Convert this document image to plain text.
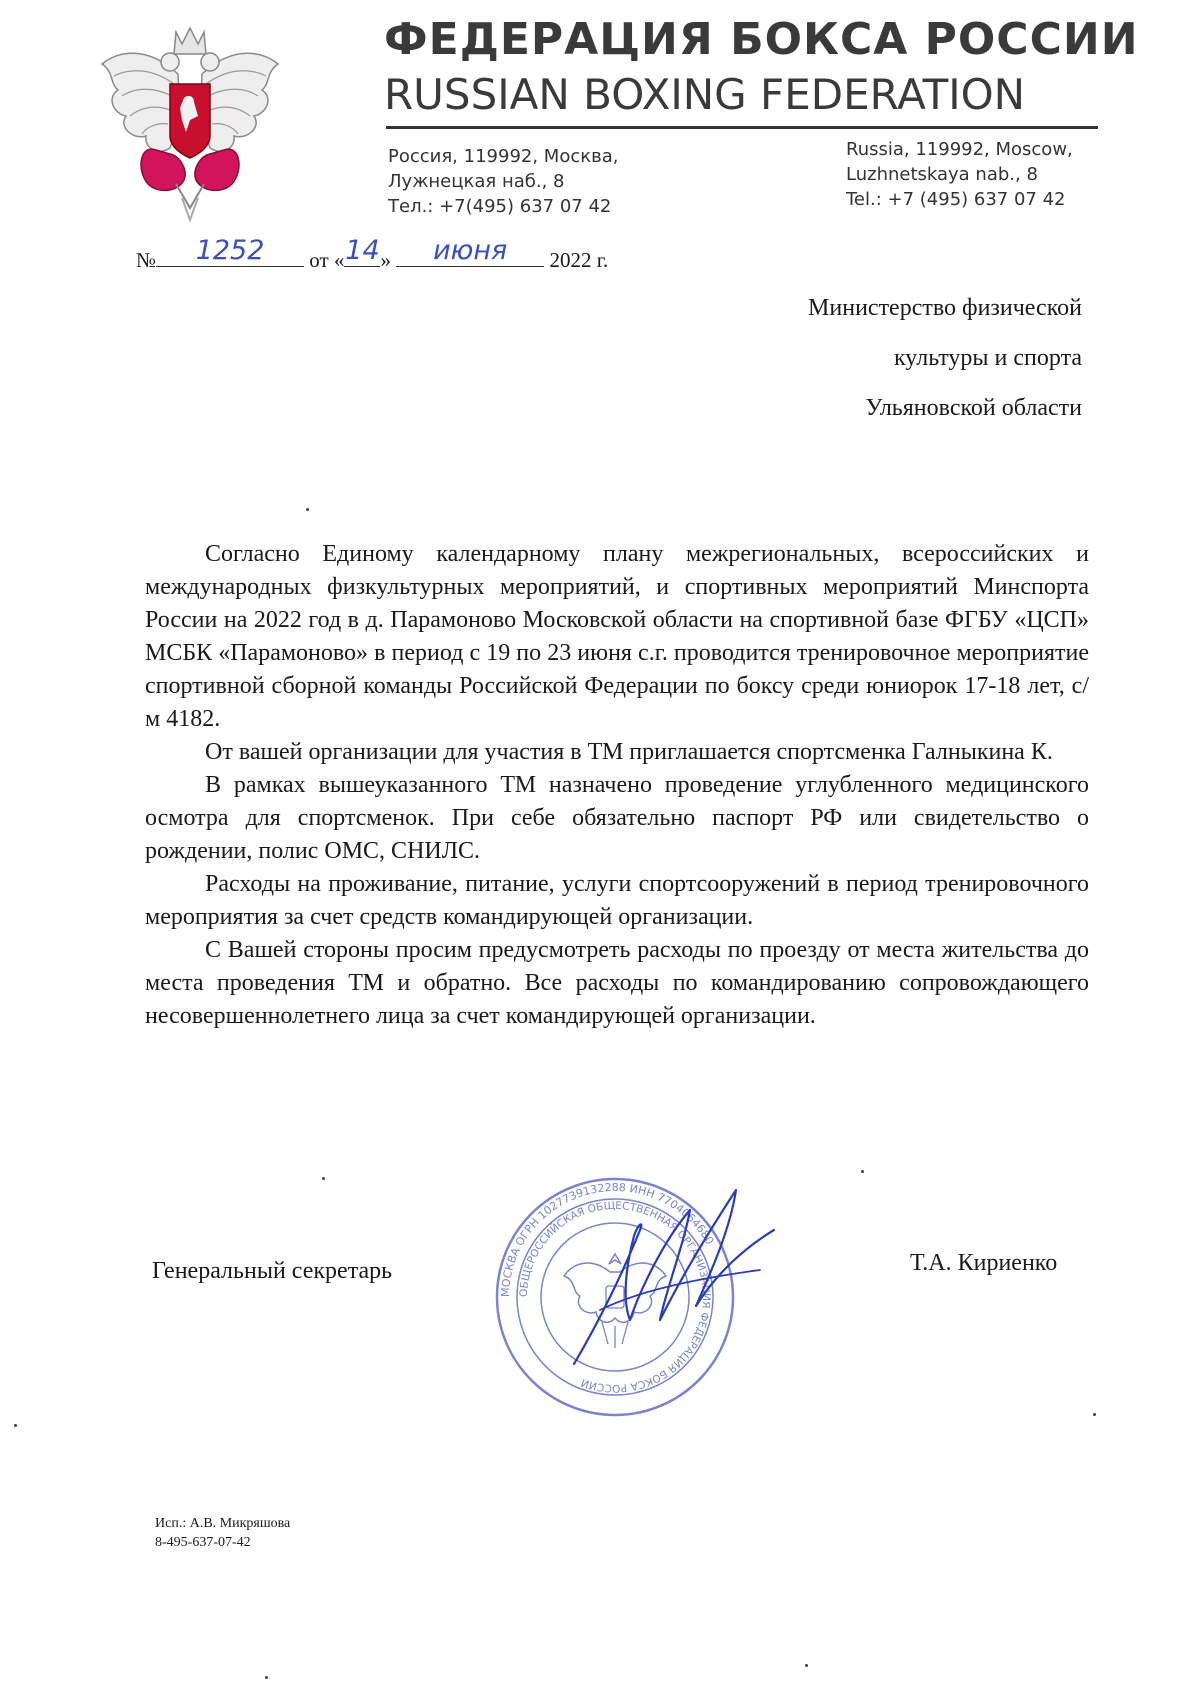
ФЕДЕРАЦИЯ БОКСА РОССИИ
RUSSIAN BOXING FEDERATION
Россия, 119992, Москва,
Лужнецкая наб., 8
Тел.: +7(495) 637 07 42
Russia, 119992, Moscow,
Luzhnetskaya nab., 8
Tel.: +7 (495) 637 07 42
№	1252	от « 14 »	июня	2022 г.
Министерство физической
культуры и спорта
Ульяновской области

Согласно Единому календарному плану межрегиональных, всероссийских и международных физкультурных мероприятий, и спортивных мероприятий Минспорта России на 2022 год в д. Парамоново Московской области на спортивной базе ФГБУ «ЦСП» МСБК «Парамоново» в период с 19 по 23 июня с.г. проводится тренировочное мероприятие спортивной сборной команды Российской Федерации по боксу среди юниорок 17-18 лет, с/м 4182.

От вашей организации для участия в ТМ приглашается спортсменка Галныкина К.

В рамках вышеуказанного ТМ назначено проведение углубленного медицинского осмотра для спортсменок. При себе обязательно паспорт РФ или свидетельство о рождении, полис ОМС, СНИЛС.

Расходы на проживание, питание, услуги спортсооружений в период тренировочного мероприятия за счет средств командирующей организации.

С Вашей стороны просим предусмотреть расходы по проезду от места жительства до места проведения ТМ и обратно. Все расходы по командированию сопровождающего несовершеннолетнего лица за счет командирующей организации.

Генеральный секретарь	Т.А. Кириенко
МОСКВА ОГРН 1027739132288 ИНН 7704064680
ОБЩЕРОССИЙСКАЯ ОБЩЕСТВЕННАЯ ОРГАНИЗАЦИЯ ФЕДЕРАЦИЯ БОКСА РОССИИ
Исп.: А.В. Микряшова
8-495-637-07-42
